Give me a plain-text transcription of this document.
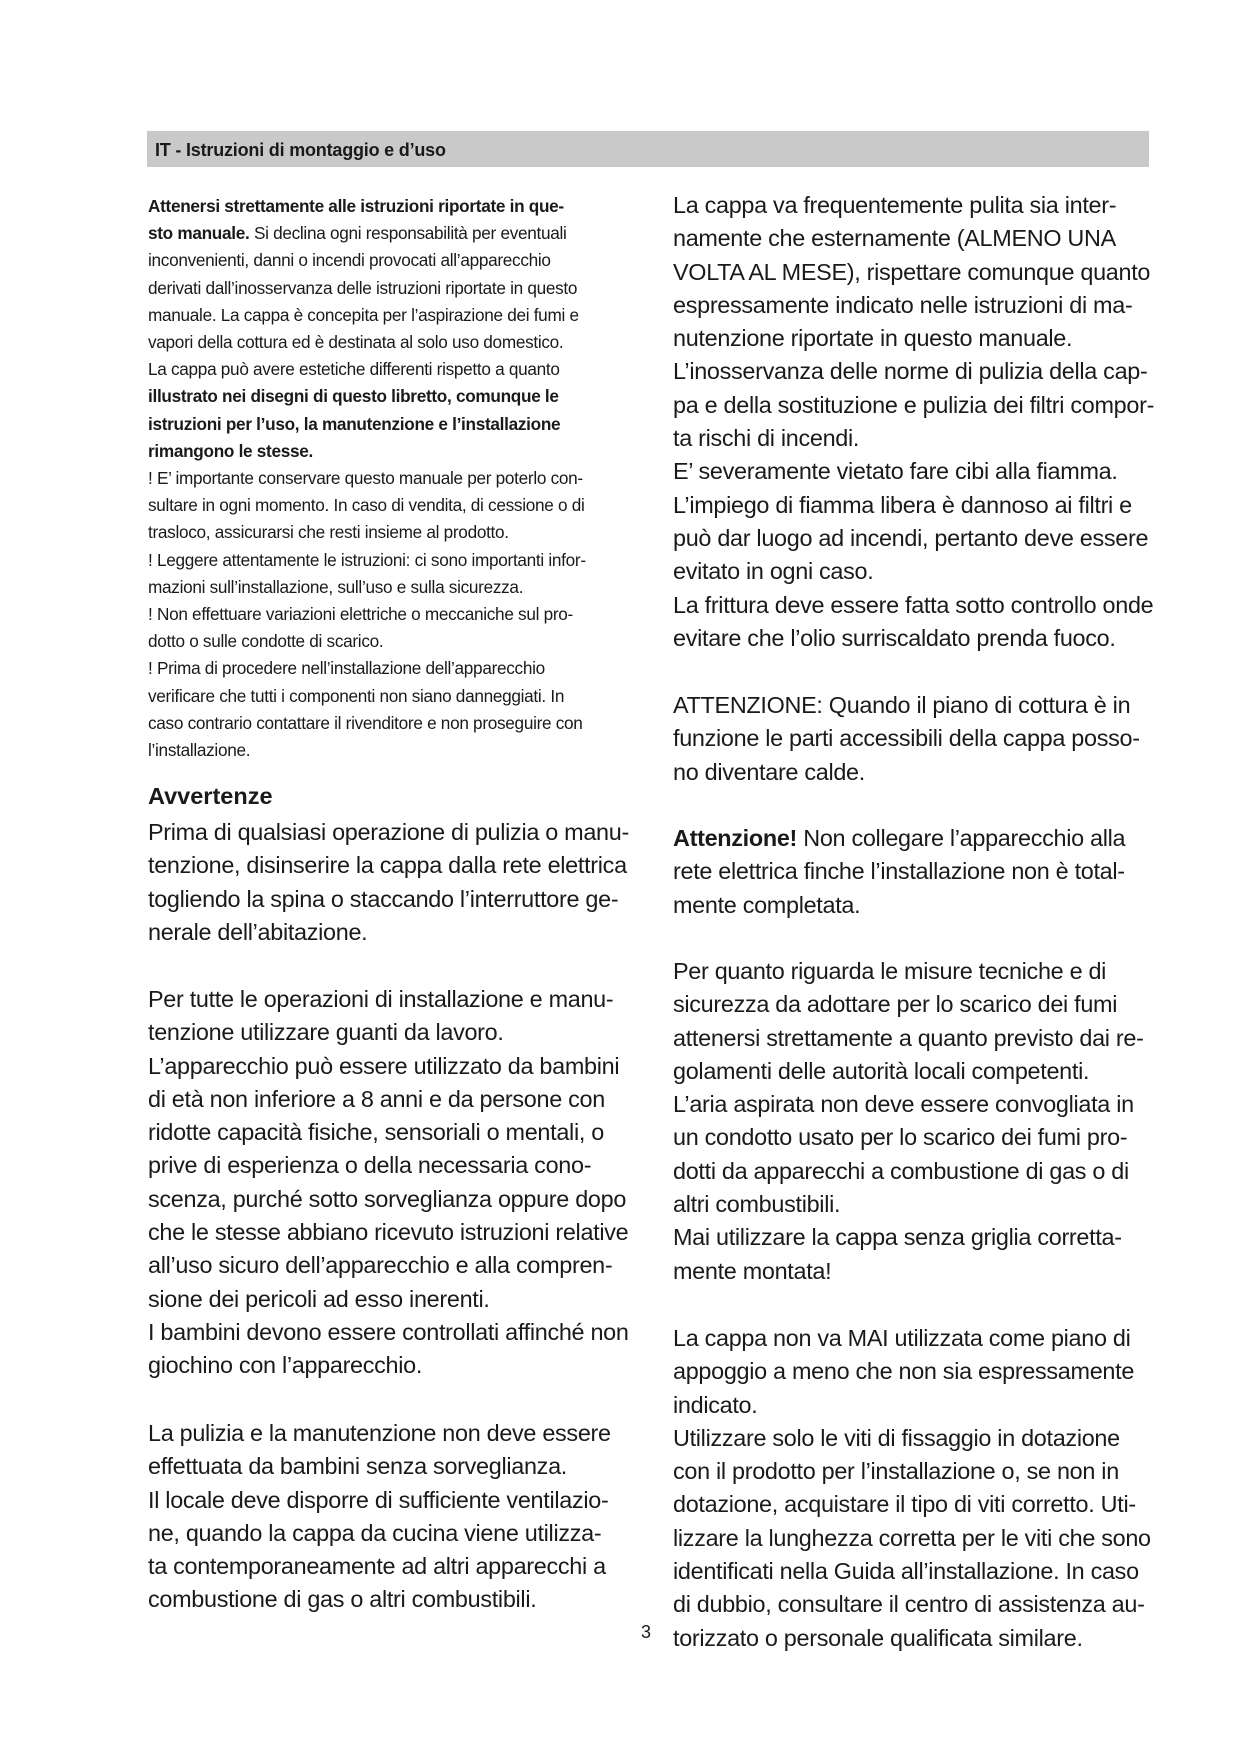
IT - Istruzioni di montaggio e d’uso
Attenersi strettamente alle istruzioni riportate in que-
sto manuale. Si declina ogni responsabilità per eventuali
inconvenienti, danni o incendi provocati all’apparecchio
derivati dall’inosservanza delle istruzioni riportate in questo
manuale. La cappa è concepita per l’aspirazione dei fumi e
vapori della cottura ed è destinata al solo uso domestico.
La cappa può avere estetiche differenti rispetto a quanto
illustrato nei disegni di questo libretto, comunque le
istruzioni per l’uso, la manutenzione e l’installazione
rimangono le stesse.
! E’ importante conservare questo manuale per poterlo con-
sultare in ogni momento. In caso di vendita, di cessione o di
trasloco, assicurarsi che resti insieme al prodotto.
! Leggere attentamente le istruzioni: ci sono importanti infor-
mazioni sull’installazione, sull’uso e sulla sicurezza.
! Non effettuare variazioni elettriche o meccaniche sul pro-
dotto o sulle condotte di scarico.
! Prima di procedere nell’installazione dell’apparecchio
verificare che tutti i componenti non siano danneggiati. In
caso contrario contattare il rivenditore e non proseguire con
l’installazione.
Avvertenze
Prima di qualsiasi operazione di pulizia o manu-
tenzione, disinserire la cappa dalla rete elettrica
togliendo la spina o staccando l’interruttore ge-
nerale dell’abitazione.
Per tutte le operazioni di installazione e manu-
tenzione utilizzare guanti da lavoro.
L’apparecchio può essere utilizzato da bambini
di età non inferiore a 8 anni e da persone con
ridotte capacità fisiche, sensoriali o mentali, o
prive di esperienza o della necessaria cono-
scenza, purché sotto sorveglianza oppure dopo
che le stesse abbiano ricevuto istruzioni relative
all’uso sicuro dell’apparecchio e alla compren-
sione dei pericoli ad esso inerenti.
I bambini devono essere controllati affinché non
giochino con l’apparecchio.
La pulizia e la manutenzione non deve essere
effettuata da bambini senza sorveglianza.
Il locale deve disporre di sufficiente ventilazio-
ne, quando la cappa da cucina viene utilizza-
ta contemporaneamente ad altri apparecchi a
combustione di gas o altri combustibili.
La cappa va frequentemente pulita sia inter-
namente che esternamente (ALMENO UNA
VOLTA AL MESE), rispettare comunque quanto
espressamente indicato nelle istruzioni di ma-
nutenzione riportate in questo manuale.
L’inosservanza delle norme di pulizia della cap-
pa e della sostituzione e pulizia dei filtri compor-
ta rischi di incendi.
E’ severamente vietato fare cibi alla fiamma.
L’impiego di fiamma libera è dannoso ai filtri e
può dar luogo ad incendi, pertanto deve essere
evitato in ogni caso.
La frittura deve essere fatta sotto controllo onde
evitare che l’olio surriscaldato prenda fuoco.
ATTENZIONE: Quando il piano di cottura è in
funzione le parti accessibili della cappa posso-
no diventare calde.
Attenzione! Non collegare l’apparecchio alla
rete elettrica finche l’installazione non è total-
mente completata.
Per quanto riguarda le misure tecniche e di
sicurezza da adottare per lo scarico dei fumi
attenersi strettamente a quanto previsto dai re-
golamenti delle autorità locali competenti.
L’aria aspirata non deve essere convogliata in
un condotto usato per lo scarico dei fumi pro-
dotti da apparecchi a combustione di gas o di
altri combustibili.
Mai utilizzare la cappa senza griglia corretta-
mente montata!
La cappa non va MAI utilizzata come piano di
appoggio a meno che non sia espressamente
indicato.
Utilizzare solo le viti di fissaggio in dotazione
con il prodotto per l’installazione o, se non in
dotazione, acquistare il tipo di viti corretto. Uti-
lizzare la lunghezza corretta per le viti che sono
identificati nella Guida all’installazione. In caso
di dubbio, consultare il centro di assistenza au-
torizzato o personale qualificata similare.
3
